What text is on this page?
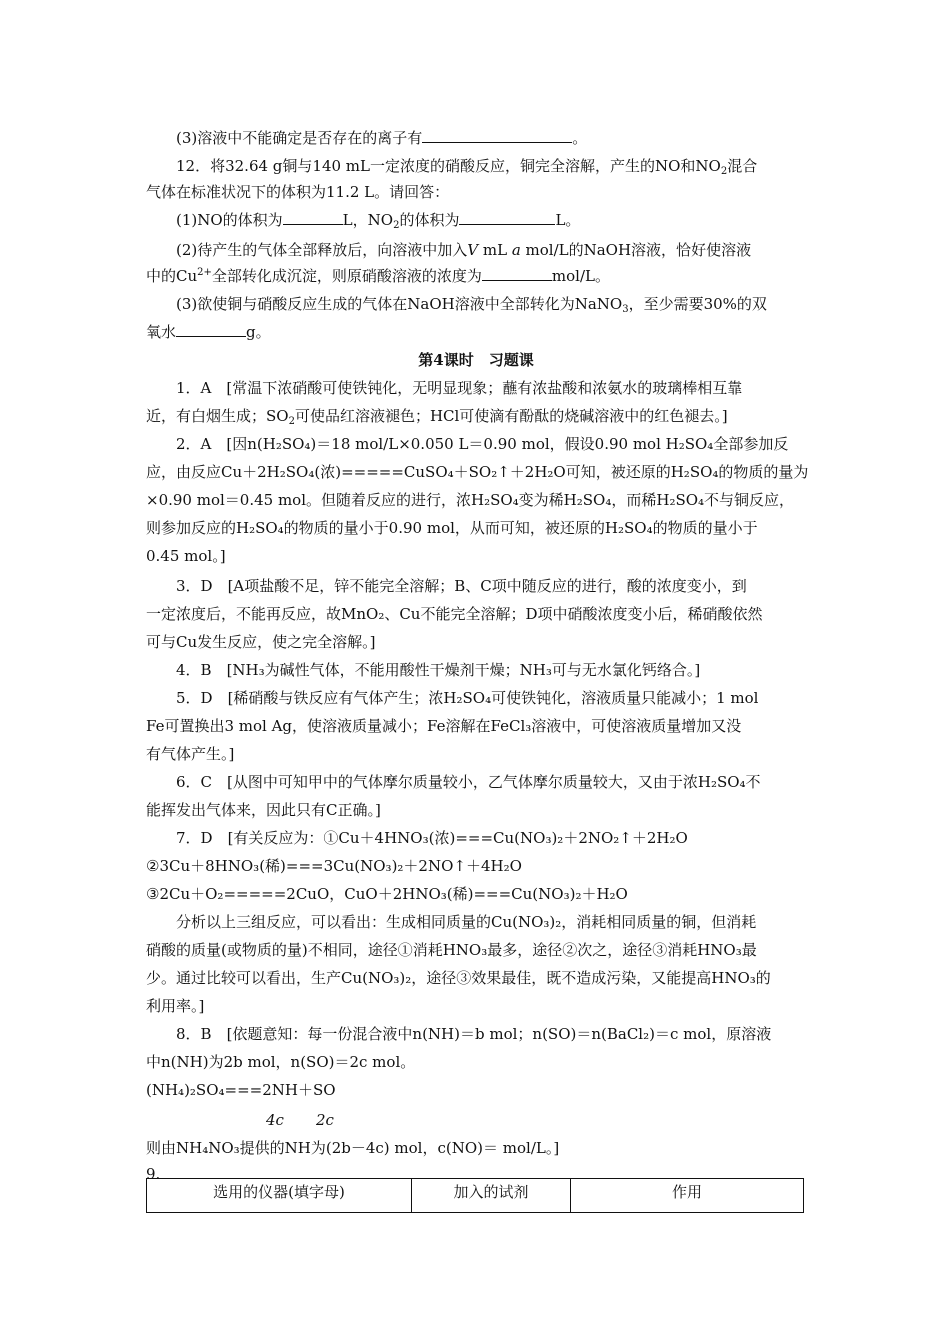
(3)溶液中不能确定是否存在的离子有	。
12．将32.64 g铜与140 mL一定浓度的硝酸反应，铜完全溶解，产生的NO和$NO_2$混合
气体在标准状况下的体积为11.2 L。请回答：
(1)NO的体积为	L，$NO_2$的体积为	L。
(2)待产生的气体全部释放后，向溶液中加入V mL a mol/L的NaOH溶液，恰好使溶液
中的$Cu^{2+}$全部转化成沉淀，则原硝酸溶液的浓度为	mol/L。
(3)欲使铜与硝酸反应生成的气体在NaOH溶液中全部转化为NaNO$_3$，至少需要30%的双
氧水	g。
第4课时　习题课
1．A　[常温下浓硝酸可使铁钝化，无明显现象；蘸有浓盐酸和浓氨水的玻璃棒相互靠
近，有白烟生成；$SO_2$可使品红溶液褪色；HCl可使滴有酚酞的烧碱溶液中的红色褪去。]
2．A　[因n(H₂SO₄)＝18 mol/L×0.050 L＝0.90 mol，假设0.90 mol H₂SO₄全部参加反
应，由反应Cu＋2H₂SO₄(浓)=====CuSO₄＋SO₂↑＋2H₂O可知，被还原的H₂SO₄的物质的量为
×0.90 mol＝0.45 mol。但随着反应的进行，浓H₂SO₄变为稀H₂SO₄，而稀H₂SO₄不与铜反应，
则参加反应的H₂SO₄的物质的量小于0.90 mol，从而可知，被还原的H₂SO₄的物质的量小于
0.45 mol。]
3．D　[A项盐酸不足，锌不能完全溶解；B、C项中随反应的进行，酸的浓度变小，到
一定浓度后，不能再反应，故MnO₂、Cu不能完全溶解；D项中硝酸浓度变小后，稀硝酸依然
可与Cu发生反应，使之完全溶解。]
4．B　[NH₃为碱性气体，不能用酸性干燥剂干燥；NH₃可与无水氯化钙络合。]
5．D　[稀硝酸与铁反应有气体产生；浓H₂SO₄可使铁钝化，溶液质量只能减小；1 mol
Fe可置换出3 mol Ag，使溶液质量减小；Fe溶解在FeCl₃溶液中，可使溶液质量增加又没
有气体产生。]
6．C　[从图中可知甲中的气体摩尔质量较小，乙气体摩尔质量较大，又由于浓H₂SO₄不
能挥发出气体来，因此只有C正确。]
7．D　[有关反应为：①Cu＋4HNO₃(浓)===Cu(NO₃)₂＋2NO₂↑＋2H₂O
②3Cu＋8HNO₃(稀)===3Cu(NO₃)₂＋2NO↑＋4H₂O
③2Cu＋O₂=====2CuO，CuO＋2HNO₃(稀)===Cu(NO₃)₂＋H₂O
分析以上三组反应，可以看出：生成相同质量的Cu(NO₃)₂，消耗相同质量的铜，但消耗
硝酸的质量(或物质的量)不相同，途径①消耗HNO₃最多，途径②次之，途径③消耗HNO₃最
少。通过比较可以看出，生产Cu(NO₃)₂，途径③效果最佳，既不造成污染，又能提高HNO₃的
利用率。]
8．B　[依题意知：每一份混合液中n(NH)＝b mol；n(SO)＝n(BaCl₂)＝c mol，原溶液
中n(NH)为2b mol，n(SO)＝2c mol。
(NH₄)₂SO₄===2NH＋SO
4c 2c
则由NH₄NO₃提供的NH为(2b－4c) mol，c(NO)＝ mol/L。]
9.
选用的仪器(填字母)	加入的试剂	作用
